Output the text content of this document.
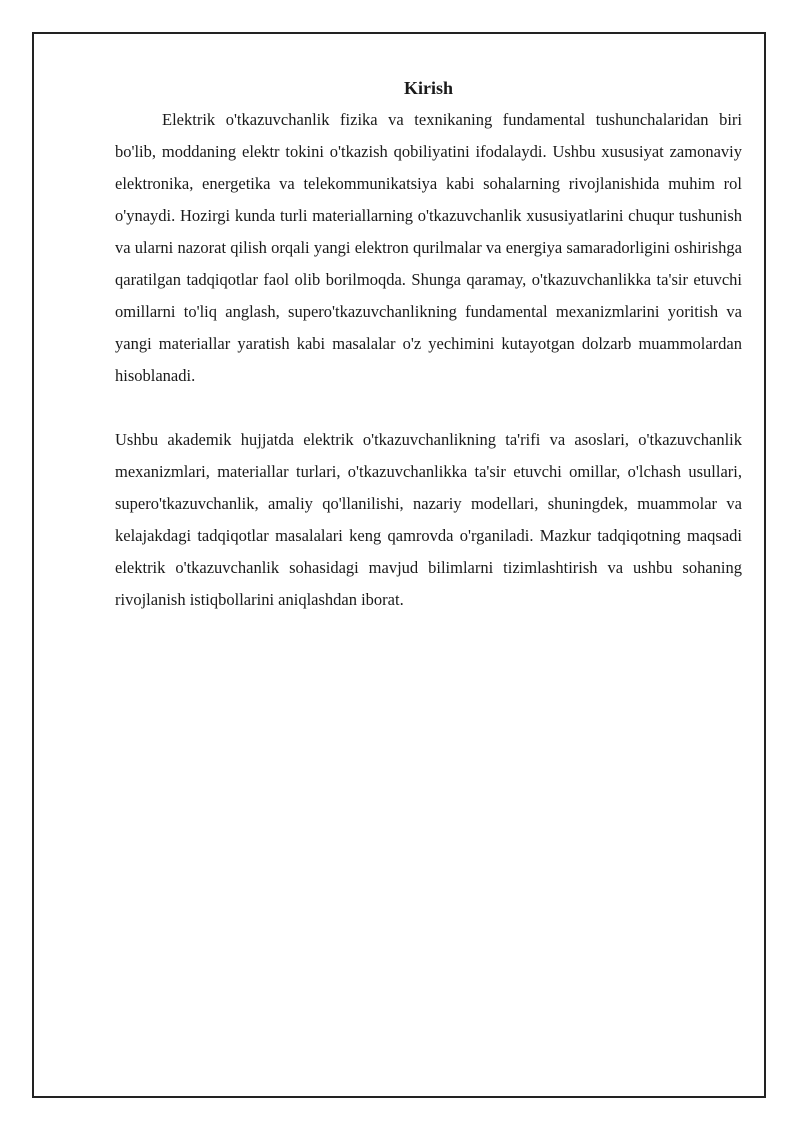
Kirish

Elektrik o'tkazuvchanlik fizika va texnikaning fundamental tushunchalaridan biri bo'lib, moddaning elektr tokini o'tkazish qobiliyatini ifodalaydi. Ushbu xususiyat zamonaviy elektronika, energetika va telekommunikatsiya kabi sohalarning rivojlanishida muhim rol o'ynaydi. Hozirgi kunda turli materiallarning o'tkazuvchanlik xususiyatlarini chuqur tushunish va ularni nazorat qilish orqali yangi elektron qurilmalar va energiya samaradorligini oshirishga qaratilgan tadqiqotlar faol olib borilmoqda. Shunga qaramay, o'tkazuvchanlikka ta'sir etuvchi omillarni to'liq anglash, supero'tkazuvchanlikning fundamental mexanizmlarini yoritish va yangi materiallar yaratish kabi masalalar o'z yechimini kutayotgan dolzarb muammolardan hisoblanadi.

Ushbu akademik hujjatda elektrik o'tkazuvchanlikning ta'rifi va asoslari, o'tkazuvchanlik mexanizmlari, materiallar turlari, o'tkazuvchanlikka ta'sir etuvchi omillar, o'lchash usullari, supero'tkazuvchanlik, amaliy qo'llanilishi, nazariy modellari, shuningdek, muammolar va kelajakdagi tadqiqotlar masalalari keng qamrovda o'rganiladi. Mazkur tadqiqotning maqsadi elektrik o'tkazuvchanlik sohasidagi mavjud bilimlarni tizimlashtirish va ushbu sohaning rivojlanish istiqbollarini aniqlashdan iborat.
